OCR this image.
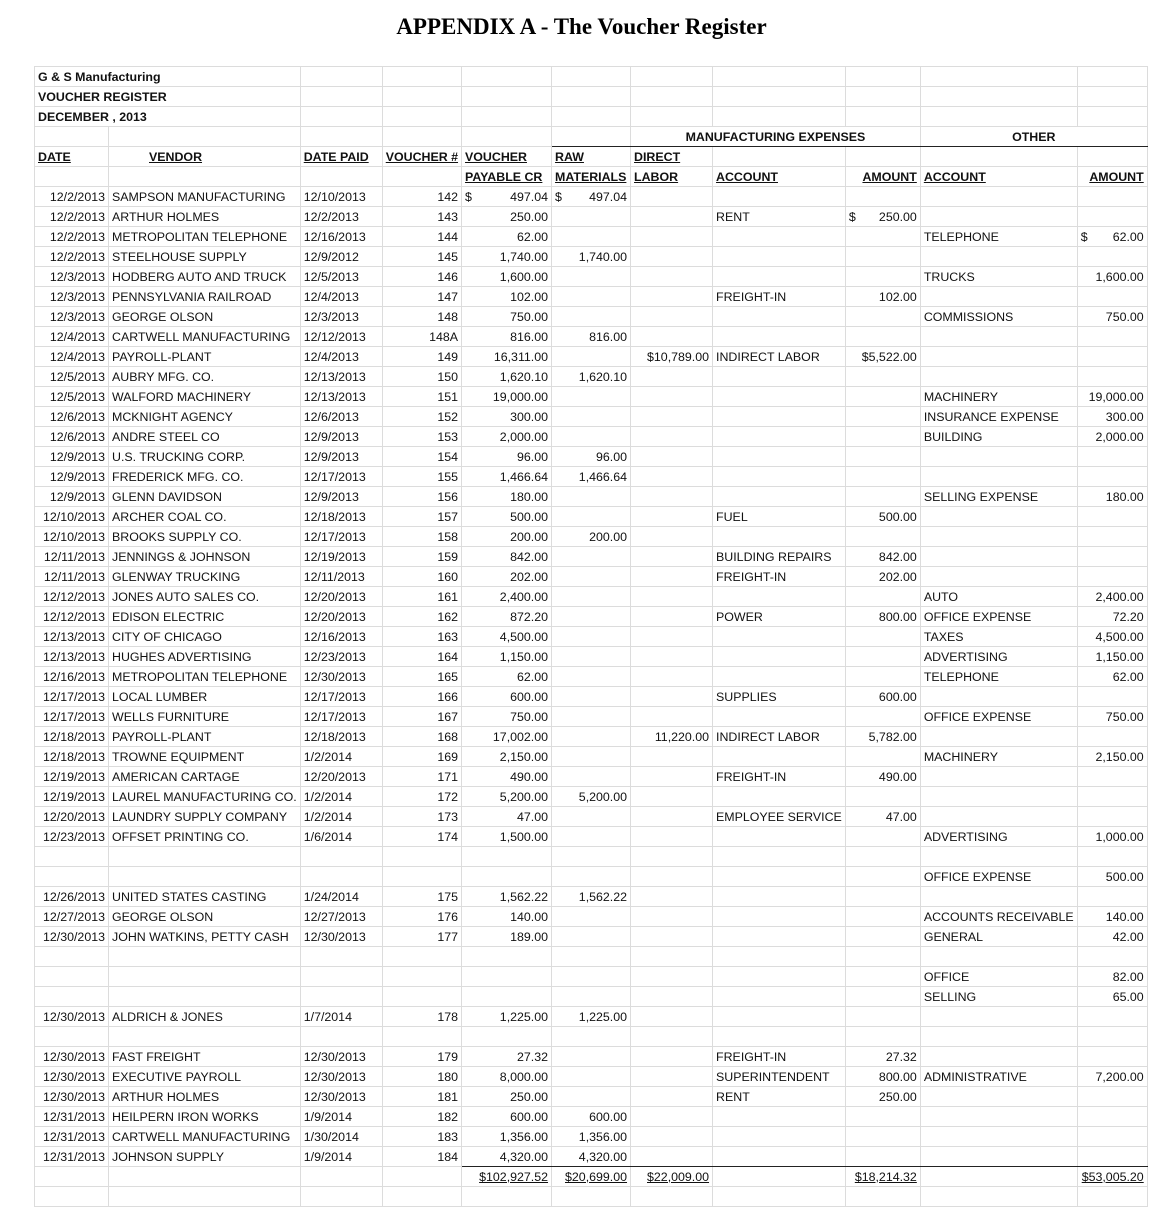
APPENDIX A - The Voucher Register
G & S Manufacturing										
VOUCHER REGISTER										
DECEMBER , 2013										
						MANUFACTURING EXPENSES			OTHER	
DATE	VENDOR	DATE PAID	VOUCHER #	VOUCHER	RAW	DIRECT				
				PAYABLE CR	MATERIALS	LABOR	ACCOUNT	AMOUNT	ACCOUNT	AMOUNT
12/2/2013	SAMPSON MANUFACTURING	12/10/2013	142	$ 497.04	$ 497.04					
12/2/2013	ARTHUR HOLMES	12/2/2013	143	250.00			RENT	$ 250.00		
12/2/2013	METROPOLITAN TELEPHONE	12/16/2013	144	62.00					TELEPHONE	$ 62.00
12/2/2013	STEELHOUSE SUPPLY	12/9/2012	145	1,740.00	1,740.00					
12/3/2013	HODBERG AUTO AND TRUCK	12/5/2013	146	1,600.00					TRUCKS	1,600.00
12/3/2013	PENNSYLVANIA RAILROAD	12/4/2013	147	102.00			FREIGHT-IN	102.00		
12/3/2013	GEORGE OLSON	12/3/2013	148	750.00					COMMISSIONS	750.00
12/4/2013	CARTWELL MANUFACTURING	12/12/2013	148A	816.00	816.00					
12/4/2013	PAYROLL-PLANT	12/4/2013	149	16,311.00		$10,789.00	INDIRECT LABOR	$5,522.00		
12/5/2013	AUBRY MFG. CO.	12/13/2013	150	1,620.10	1,620.10					
12/5/2013	WALFORD MACHINERY	12/13/2013	151	19,000.00					MACHINERY	19,000.00
12/6/2013	MCKNIGHT AGENCY	12/6/2013	152	300.00					INSURANCE EXPENSE	300.00
12/6/2013	ANDRE STEEL CO	12/9/2013	153	2,000.00					BUILDING	2,000.00
12/9/2013	U.S. TRUCKING CORP.	12/9/2013	154	96.00	96.00					
12/9/2013	FREDERICK MFG. CO.	12/17/2013	155	1,466.64	1,466.64					
12/9/2013	GLENN DAVIDSON	12/9/2013	156	180.00					SELLING EXPENSE	180.00
12/10/2013	ARCHER COAL CO.	12/18/2013	157	500.00			FUEL	500.00		
12/10/2013	BROOKS SUPPLY CO.	12/17/2013	158	200.00	200.00					
12/11/2013	JENNINGS & JOHNSON	12/19/2013	159	842.00			BUILDING REPAIRS	842.00		
12/11/2013	GLENWAY TRUCKING	12/11/2013	160	202.00			FREIGHT-IN	202.00		
12/12/2013	JONES AUTO SALES CO.	12/20/2013	161	2,400.00					AUTO	2,400.00
12/12/2013	EDISON ELECTRIC	12/20/2013	162	872.20			POWER	800.00	OFFICE EXPENSE	72.20
12/13/2013	CITY OF CHICAGO	12/16/2013	163	4,500.00					TAXES	4,500.00
12/13/2013	HUGHES ADVERTISING	12/23/2013	164	1,150.00					ADVERTISING	1,150.00
12/16/2013	METROPOLITAN TELEPHONE	12/30/2013	165	62.00					TELEPHONE	62.00
12/17/2013	LOCAL LUMBER	12/17/2013	166	600.00			SUPPLIES	600.00		
12/17/2013	WELLS FURNITURE	12/17/2013	167	750.00					OFFICE EXPENSE	750.00
12/18/2013	PAYROLL-PLANT	12/18/2013	168	17,002.00		11,220.00	INDIRECT LABOR	5,782.00		
12/18/2013	TROWNE EQUIPMENT	1/2/2014	169	2,150.00					MACHINERY	2,150.00
12/19/2013	AMERICAN CARTAGE	12/20/2013	171	490.00			FREIGHT-IN	490.00		
12/19/2013	LAUREL MANUFACTURING CO.	1/2/2014	172	5,200.00	5,200.00					
12/20/2013	LAUNDRY SUPPLY COMPANY	1/2/2014	173	47.00			EMPLOYEE SERVICE	47.00		
12/23/2013	OFFSET PRINTING CO.	1/6/2014	174	1,500.00					ADVERTISING	1,000.00

									OFFICE EXPENSE	500.00
12/26/2013	UNITED STATES CASTING	1/24/2014	175	1,562.22	1,562.22					
12/27/2013	GEORGE OLSON	12/27/2013	176	140.00					ACCOUNTS RECEIVABLE	140.00
12/30/2013	JOHN WATKINS, PETTY CASH	12/30/2013	177	189.00					GENERAL	42.00

									OFFICE	82.00
									SELLING	65.00
12/30/2013	ALDRICH & JONES	1/7/2014	178	1,225.00	1,225.00					

12/30/2013	FAST FREIGHT	12/30/2013	179	27.32			FREIGHT-IN	27.32		
12/30/2013	EXECUTIVE PAYROLL	12/30/2013	180	8,000.00			SUPERINTENDENT	800.00	ADMINISTRATIVE	7,200.00
12/30/2013	ARTHUR HOLMES	12/30/2013	181	250.00			RENT	250.00		
12/31/2013	HEILPERN IRON WORKS	1/9/2014	182	600.00	600.00					
12/31/2013	CARTWELL MANUFACTURING	1/30/2014	183	1,356.00	1,356.00					
12/31/2013	JOHNSON SUPPLY	1/9/2014	184	4,320.00	4,320.00					
				$102,927.52	$20,699.00	$22,009.00		$18,214.32		$53,005.20
